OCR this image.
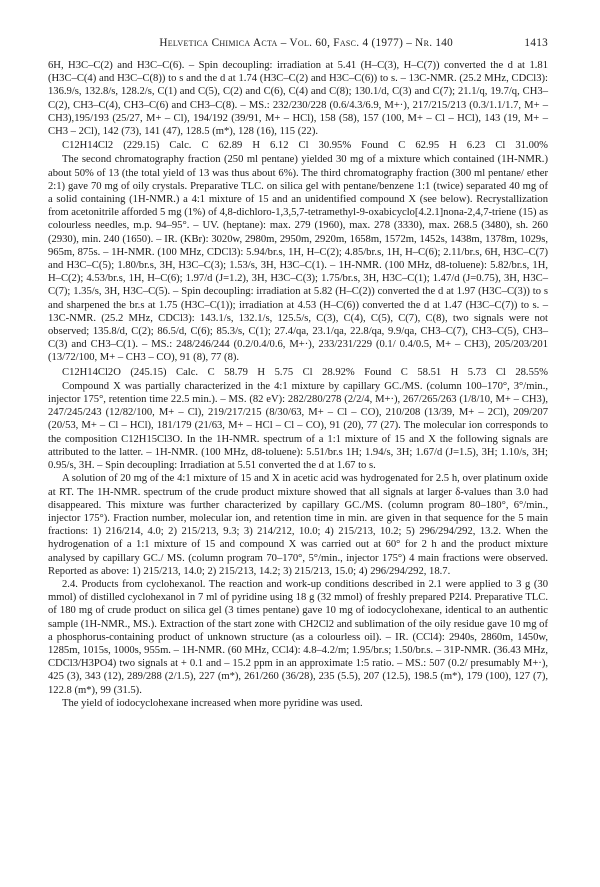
Helvetica Chimica Acta – Vol. 60, Fasc. 4 (1977) – Nr. 140	1413

6H, H3C–C(2) and H3C–C(6). – Spin decoupling: irradiation at 5.41 (H–C(3), H–C(7)) converted the d at 1.81 (H3C–C(4) and H3C–C(8)) to s and the d at 1.74 (H3C–C(2) and H3C–C(6)) to s. – 13C-NMR. (25.2 MHz, CDCl3): 136.9/s, 132.8/s, 128.2/s, C(1) and C(5), C(2) and C(6), C(4) and C(8); 130.1/d, C(3) and C(7); 21.1/q, 19.7/q, CH3–C(2), CH3–C(4), CH3–C(6) and CH3–C(8). – MS.: 232/230/228 (0.6/4.3/6.9, M+·), 217/215/213 (0.3/1.1/1.7, M+ – CH3),195/193 (25/27, M+ – Cl), 194/192 (39/91, M+ – HCl), 158 (58), 157 (100, M+ – Cl – HCl), 143 (19, M+ – CH3 – 2Cl), 142 (73), 141 (47), 128.5 (m*), 128 (16), 115 (22).

C12H14Cl2 (229.15) Calc. C 62.89 H 6.12 Cl 30.95% Found C 62.95 H 6.23 Cl 31.00%

The second chromatography fraction (250 ml pentane) yielded 30 mg of a mixture which contained (1H-NMR.) about 50% of 13 (the total yield of 13 was thus about 6%). The third chromatography fraction (300 ml pentane/ ether 2:1) gave 70 mg of oily crystals. Preparative TLC. on silica gel with pentane/benzene 1:1 (twice) separated 40 mg of a solid containing (1H-NMR.) a 4:1 mixture of 15 and an unidentified compound X (see below). Recrystallization from acetonitrile afforded 5 mg (1%) of 4,8-dichloro-1,3,5,7-tetramethyl-9-oxabicyclo[4.2.1]nona-2,4,7-triene (15) as colourless needles, m.p. 94–95°. – UV. (heptane): max. 279 (1960), max. 278 (3330), max. 268.5 (3480), sh. 260 (2930), min. 240 (1650). – IR. (KBr): 3020w, 2980m, 2950m, 2920m, 1658m, 1572m, 1452s, 1438m, 1378m, 1029s, 965m, 875s. – 1H-NMR. (100 MHz, CDCl3): 5.94/br.s, 1H, H–C(2); 4.85/br.s, 1H, H–C(6); 2.11/br.s, 6H, H3C–C(7) and H3C–C(5); 1.80/br.s, 3H, H3C–C(3); 1.53/s, 3H, H3C–C(1). – 1H-NMR. (100 MHz, d8-toluene): 5.82/br.s, 1H, H–C(2); 4.53/br.s, 1H, H–C(6); 1.97/d (J=1.2), 3H, H3C–C(3); 1.75/br.s, 3H, H3C–C(1); 1.47/d (J=0.75), 3H, H3C–C(7); 1.35/s, 3H, H3C–C(5). – Spin decoupling: irradiation at 5.82 (H–C(2)) converted the d at 1.97 (H3C–C(3)) to s and sharpened the br.s at 1.75 (H3C–C(1)); irradiation at 4.53 (H–C(6)) converted the d at 1.47 (H3C–C(7)) to s. – 13C-NMR. (25.2 MHz, CDCl3): 143.1/s, 132.1/s, 125.5/s, C(3), C(4), C(5), C(7), C(8), two signals were not observed; 135.8/d, C(2); 86.5/d, C(6); 85.3/s, C(1); 27.4/qa, 23.1/qa, 22.8/qa, 9.9/qa, CH3–C(7), CH3–C(5), CH3–C(3) and CH3–C(1). – MS.: 248/246/244 (0.2/0.4/0.6, M+·), 233/231/229 (0.1/ 0.4/0.5, M+ – CH3), 205/203/201 (13/72/100, M+ – CH3 – CO), 91 (8), 77 (8).

C12H14Cl2O (245.15) Calc. C 58.79 H 5.75 Cl 28.92% Found C 58.51 H 5.73 Cl 28.55%

Compound X was partially characterized in the 4:1 mixture by capillary GC./MS. (column 100–170°, 3°/min., injector 175°, retention time 22.5 min.). – MS. (82 eV): 282/280/278 (2/2/4, M+·), 267/265/263 (1/8/10, M+ – CH3), 247/245/243 (12/82/100, M+ – Cl), 219/217/215 (8/30/63, M+ – Cl – CO), 210/208 (13/39, M+ – 2Cl), 209/207 (20/53, M+ – Cl – HCl), 181/179 (21/63, M+ – HCl – Cl – CO), 91 (20), 77 (27). The molecular ion corresponds to the composition C12H15Cl3O. In the 1H-NMR. spectrum of a 1:1 mixture of 15 and X the following signals are attributed to the latter. – 1H-NMR. (100 MHz, d8-toluene): 5.51/br.s 1H; 1.94/s, 3H; 1.67/d (J=1.5), 3H; 1.10/s, 3H; 0.95/s, 3H. – Spin decoupling: Irradiation at 5.51 converted the d at 1.67 to s.

A solution of 20 mg of the 4:1 mixture of 15 and X in acetic acid was hydrogenated for 2.5 h, over platinum oxide at RT. The 1H-NMR. spectrum of the crude product mixture showed that all signals at larger δ-values than 3.0 had disappeared. This mixture was further characterized by capillary GC./MS. (column program 80–180°, 6°/min., injector 175°). Fraction number, molecular ion, and retention time in min. are given in that sequence for the 5 main fractions: 1) 216/214, 4.0; 2) 215/213, 9.3; 3) 214/212, 10.0; 4) 215/213, 10.2; 5) 296/294/292, 13.2. When the hydrogenation of a 1:1 mixture of 15 and compound X was carried out at 60° for 2 h and the product mixture analysed by capillary GC./ MS. (column program 70–170°, 5°/min., injector 175°) 4 main fractions were observed. Reported as above: 1) 215/213, 14.0; 2) 215/213, 14.2; 3) 215/213, 15.0; 4) 296/294/292, 18.7.

2.4. Products from cyclohexanol. The reaction and work-up conditions described in 2.1 were applied to 3 g (30 mmol) of distilled cyclohexanol in 7 ml of pyridine using 18 g (32 mmol) of freshly prepared P2I4. Preparative TLC. of 180 mg of crude product on silica gel (3 times pentane) gave 10 mg of iodocyclohexane, identical to an authentic sample (1H-NMR., MS.). Extraction of the start zone with CH2Cl2 and sublimation of the oily residue gave 10 mg of a phosphorus-containing product of unknown structure (as a colourless oil). – IR. (CCl4): 2940s, 2860m, 1450w, 1285m, 1015s, 1000s, 955m. – 1H-NMR. (60 MHz, CCl4): 4.8–4.2/m; 1.95/br.s; 1.50/br.s. – 31P-NMR. (36.43 MHz, CDCl3/H3PO4) two signals at + 0.1 and – 15.2 ppm in an approximate 1:5 ratio. – MS.: 507 (0.2/ presumably M+·), 425 (3), 343 (12), 289/288 (2/1.5), 227 (m*), 261/260 (36/28), 235 (5.5), 207 (12.5), 198.5 (m*), 179 (100), 127 (7), 122.8 (m*), 99 (31.5).

The yield of iodocyclohexane increased when more pyridine was used.
